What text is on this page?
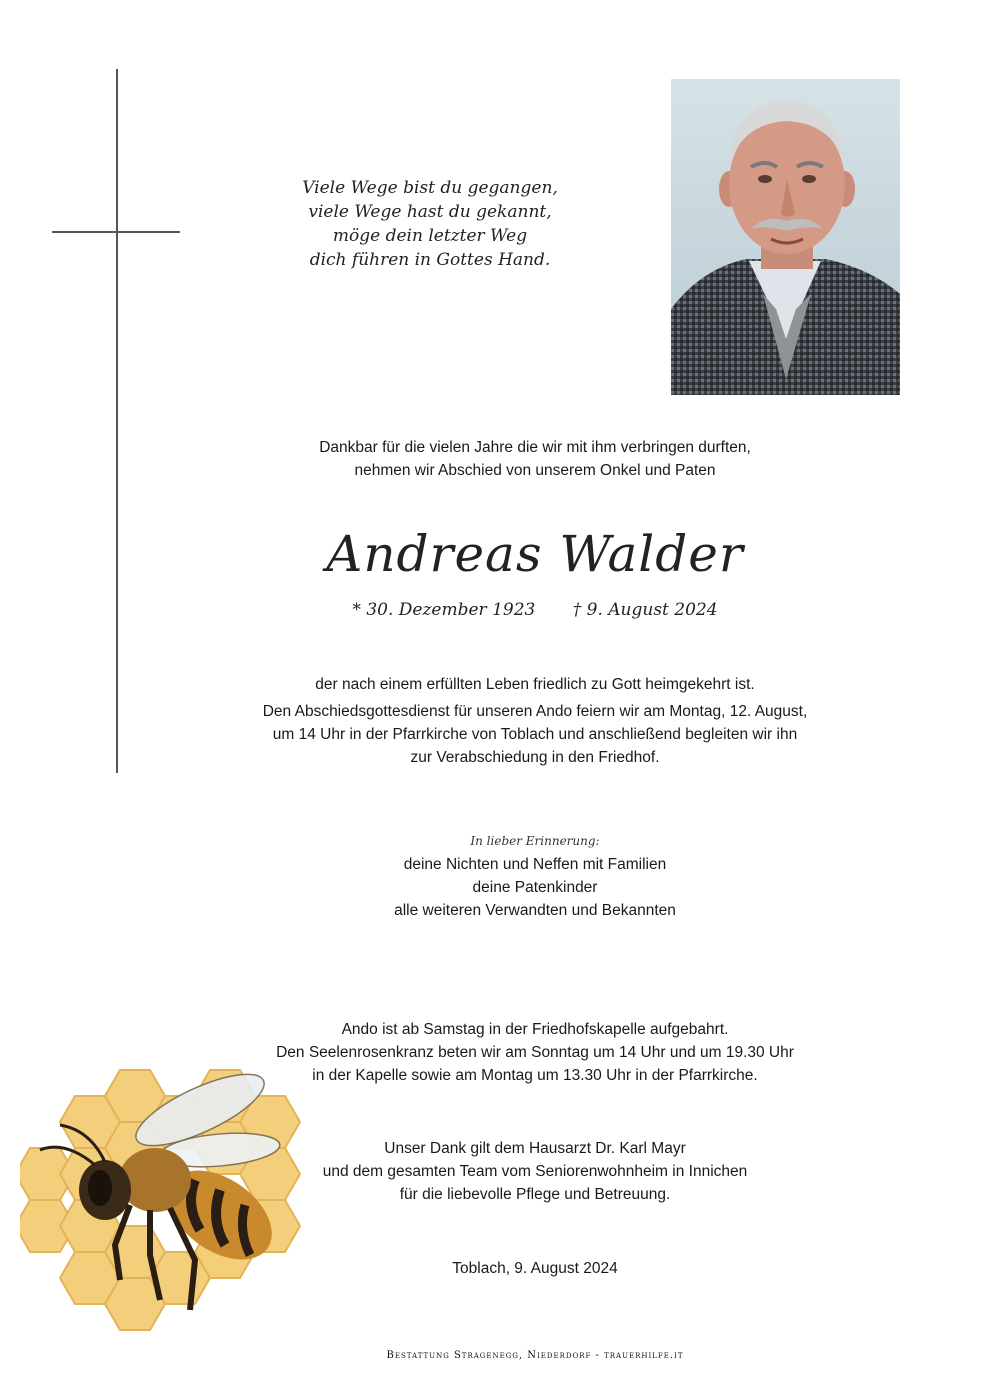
Viele Wege bist du gegangen,
viele Wege hast du gekannt,
möge dein letzter Weg
dich führen in Gottes Hand.
Dankbar für die vielen Jahre die wir mit ihm verbringen durften,
nehmen wir Abschied von unserem Onkel und Paten
Andreas Walder
* 30. Dezember 1923 † 9. August 2024
der nach einem erfüllten Leben friedlich zu Gott heimgekehrt ist.
Den Abschiedsgottesdienst für unseren Ando feiern wir am Montag, 12. August,
um 14 Uhr in der Pfarrkirche von Toblach und anschließend begleiten wir ihn
zur Verabschiedung in den Friedhof.
In lieber Erinnerung:
deine Nichten und Neffen mit Familien
deine Patenkinder
alle weiteren Verwandten und Bekannten
Ando ist ab Samstag in der Friedhofskapelle aufgebahrt.
Den Seelenrosenkranz beten wir am Sonntag um 14 Uhr und um 19.30 Uhr
in der Kapelle sowie am Montag um 13.30 Uhr in der Pfarrkirche.
Unser Dank gilt dem Hausarzt Dr. Karl Mayr
und dem gesamten Team vom Seniorenwohnheim in Innichen
für die liebevolle Pflege und Betreuung.
Toblach, 9. August 2024
Bestattung Stragenegg, Niederdorf - trauerhilfe.it
